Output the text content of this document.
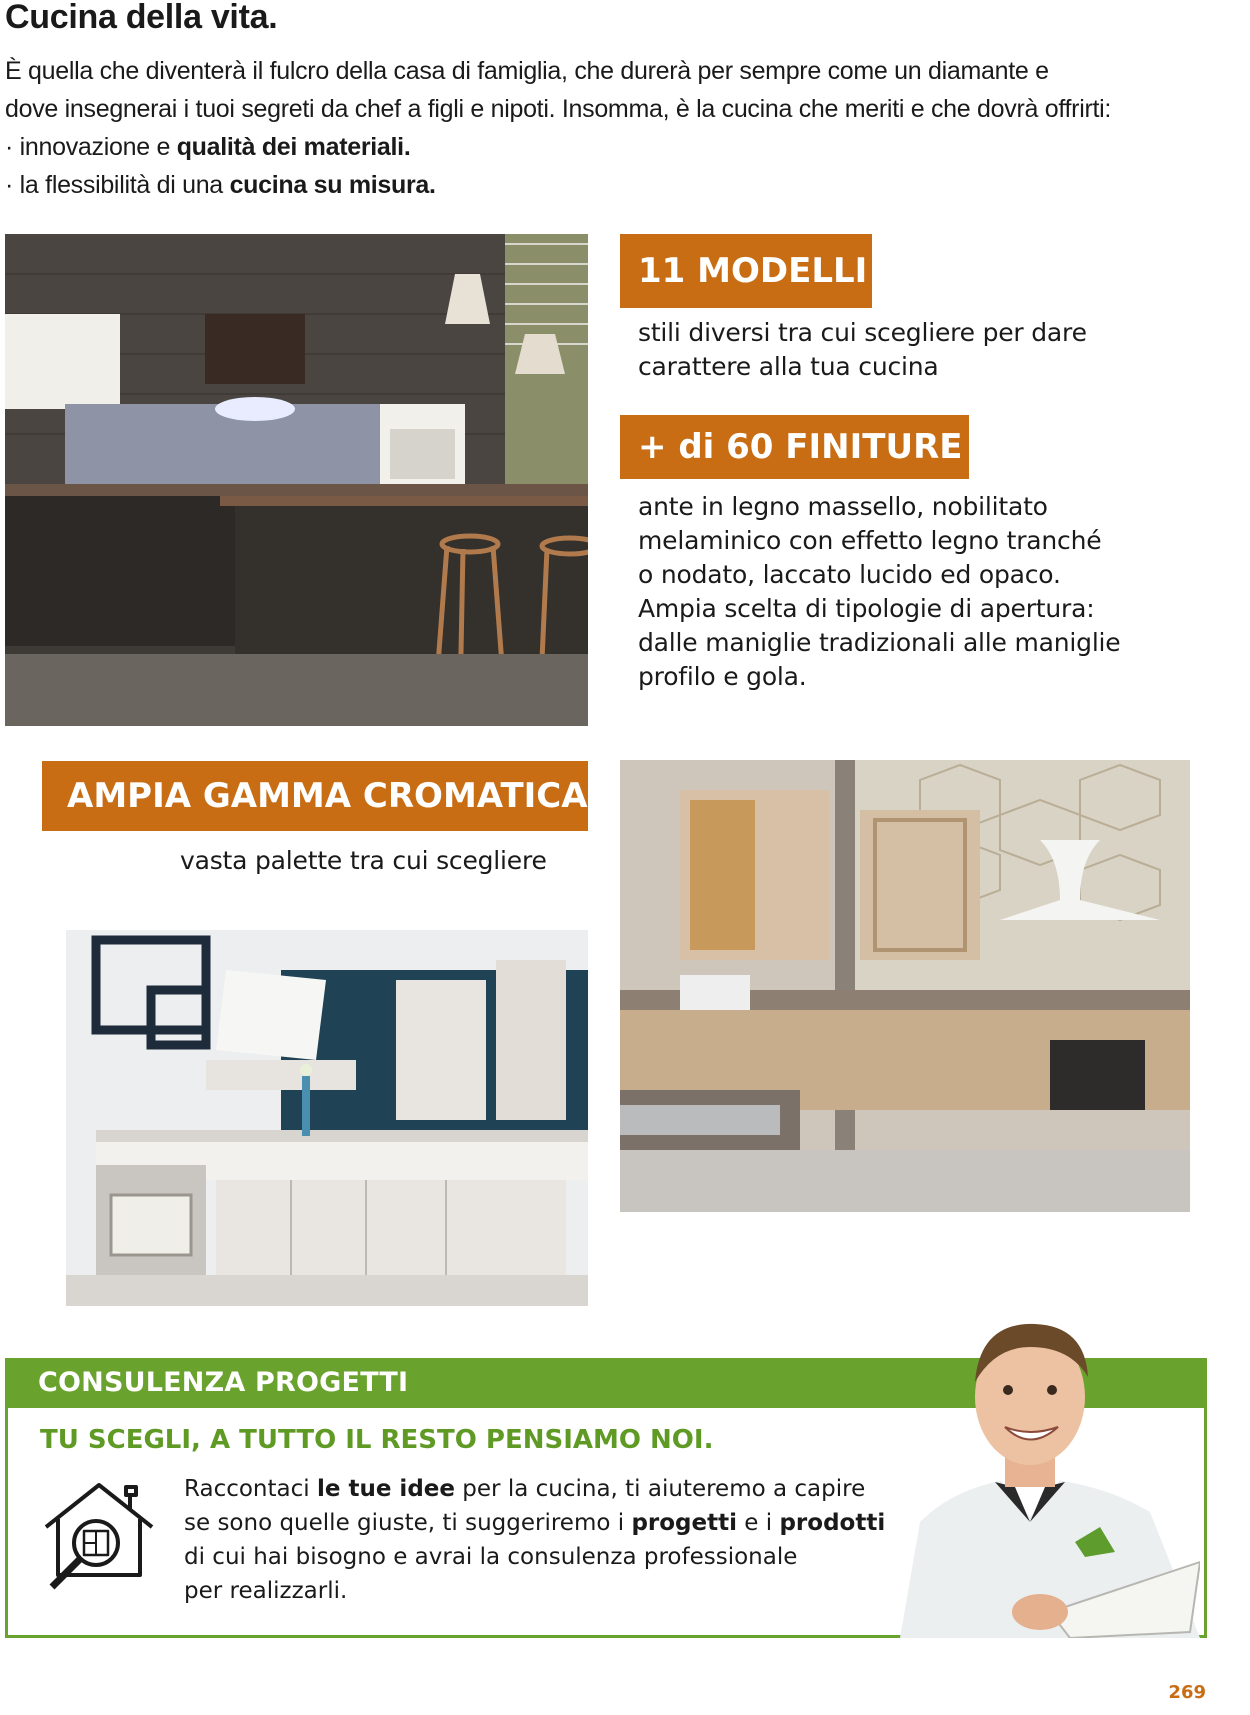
Cucina della vita.

È quella che diventerà il fulcro della casa di famiglia, che durerà per sempre come un diamante e

dove insegnerai i tuoi segreti da chef a figli e nipoti. Insomma, è la cucina che meriti e che dovrà offrirti:

· innovazione e qualità dei materiali.

· la flessibilità di una cucina su misura.

11 MODELLI
stili diversi tra cui scegliere per dare
carattere alla tua cucina
+ di 60 FINITURE
ante in legno massello, nobilitato
melaminico con effetto legno tranché
o nodato, laccato lucido ed opaco.
Ampia scelta di tipologie di apertura:
dalle maniglie tradizionali alle maniglie
profilo e gola.
AMPIA GAMMA CROMATICA
vasta palette tra cui scegliere
CONSULENZA PROGETTI
TU SCEGLI, A TUTTO IL RESTO PENSIAMO NOI.
Raccontaci le tue idee per la cucina, ti aiuteremo a capire
se sono quelle giuste, ti suggeriremo i progetti e i prodotti
di cui hai bisogno e avrai la consulenza professionale
per realizzarli.
269
